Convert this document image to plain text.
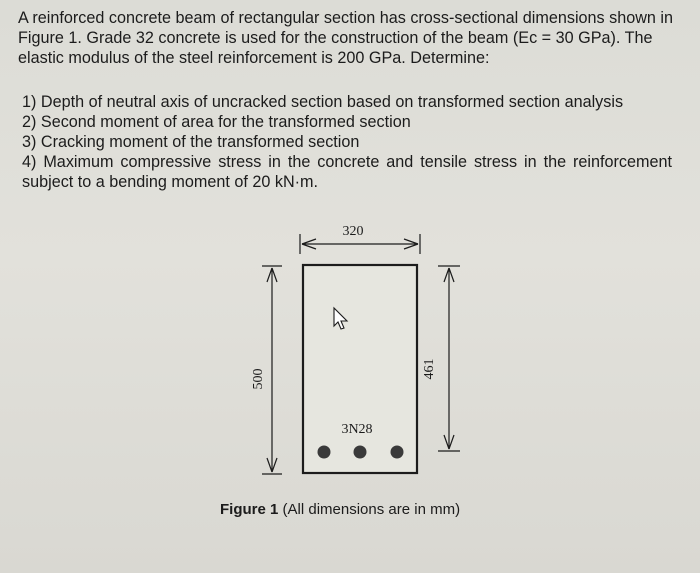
A reinforced concrete beam of rectangular section has cross-sectional dimensions shown in Figure 1. Grade 32 concrete is used for the construction of the beam (Ec = 30 GPa). The elastic modulus of the steel reinforcement is 200 GPa. Determine:

1) Depth of neutral axis of uncracked section based on transformed section analysis
2) Second moment of area for the transformed section
3) Cracking moment of the transformed section
4) Maximum compressive stress in the concrete and tensile stress in the reinforcement subject to a bending moment of 20 kN·m.
320
500	461
3N28
Figure 1 (All dimensions are in mm)
